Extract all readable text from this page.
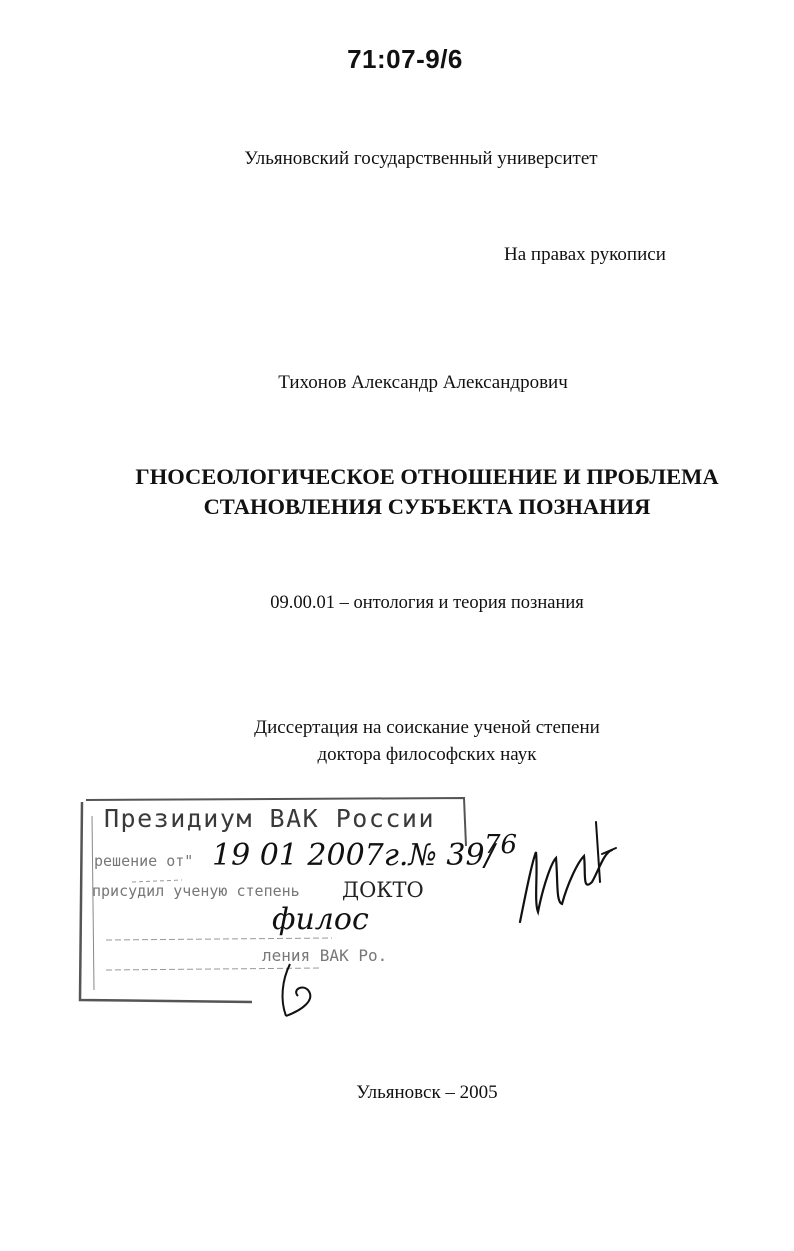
71:07-9/6
Ульяновский государственный университет
На правах рукописи
Тихонов Александр Александрович
ГНОСЕОЛОГИЧЕСКОЕ ОТНОШЕНИЕ И ПРОБЛЕМА
СТАНОВЛЕНИЯ СУБЪЕКТА ПОЗНАНИЯ
09.00.01 – онтология и теория познания
Диссертация на соискание ученой степени
доктора философских наук
Президиум ВАК России
решение от"
присудил ученую степень ДОКТО
ления ВАК Ро.
19 01 2007г.№ 39/
филос
76
Ульяновск – 2005
